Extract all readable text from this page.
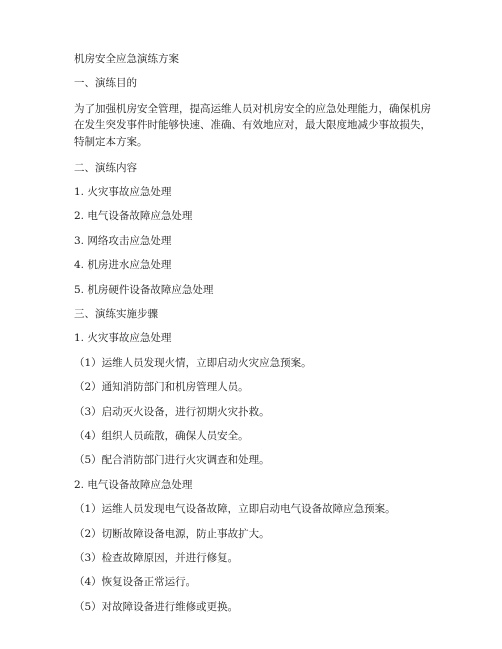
机房安全应急演练方案
一、演练目的
为了加强机房安全管理，提高运维人员对机房安全的应急处理能力，确保机房在发生突发事件时能够快速、准确、有效地应对，最大限度地减少事故损失，特制定本方案。
二、演练内容
1. 火灾事故应急处理
2. 电气设备故障应急处理
3. 网络攻击应急处理
4. 机房进水应急处理
5. 机房硬件设备故障应急处理
三、演练实施步骤
1. 火灾事故应急处理
（1）运维人员发现火情，立即启动火灾应急预案。
（2）通知消防部门和机房管理人员。
（3）启动灭火设备，进行初期火灾扑救。
（4）组织人员疏散，确保人员安全。
（5）配合消防部门进行火灾调查和处理。
2. 电气设备故障应急处理
（1）运维人员发现电气设备故障，立即启动电气设备故障应急预案。
（2）切断故障设备电源，防止事故扩大。
（3）检查故障原因，并进行修复。
（4）恢复设备正常运行。
（5）对故障设备进行维修或更换。
